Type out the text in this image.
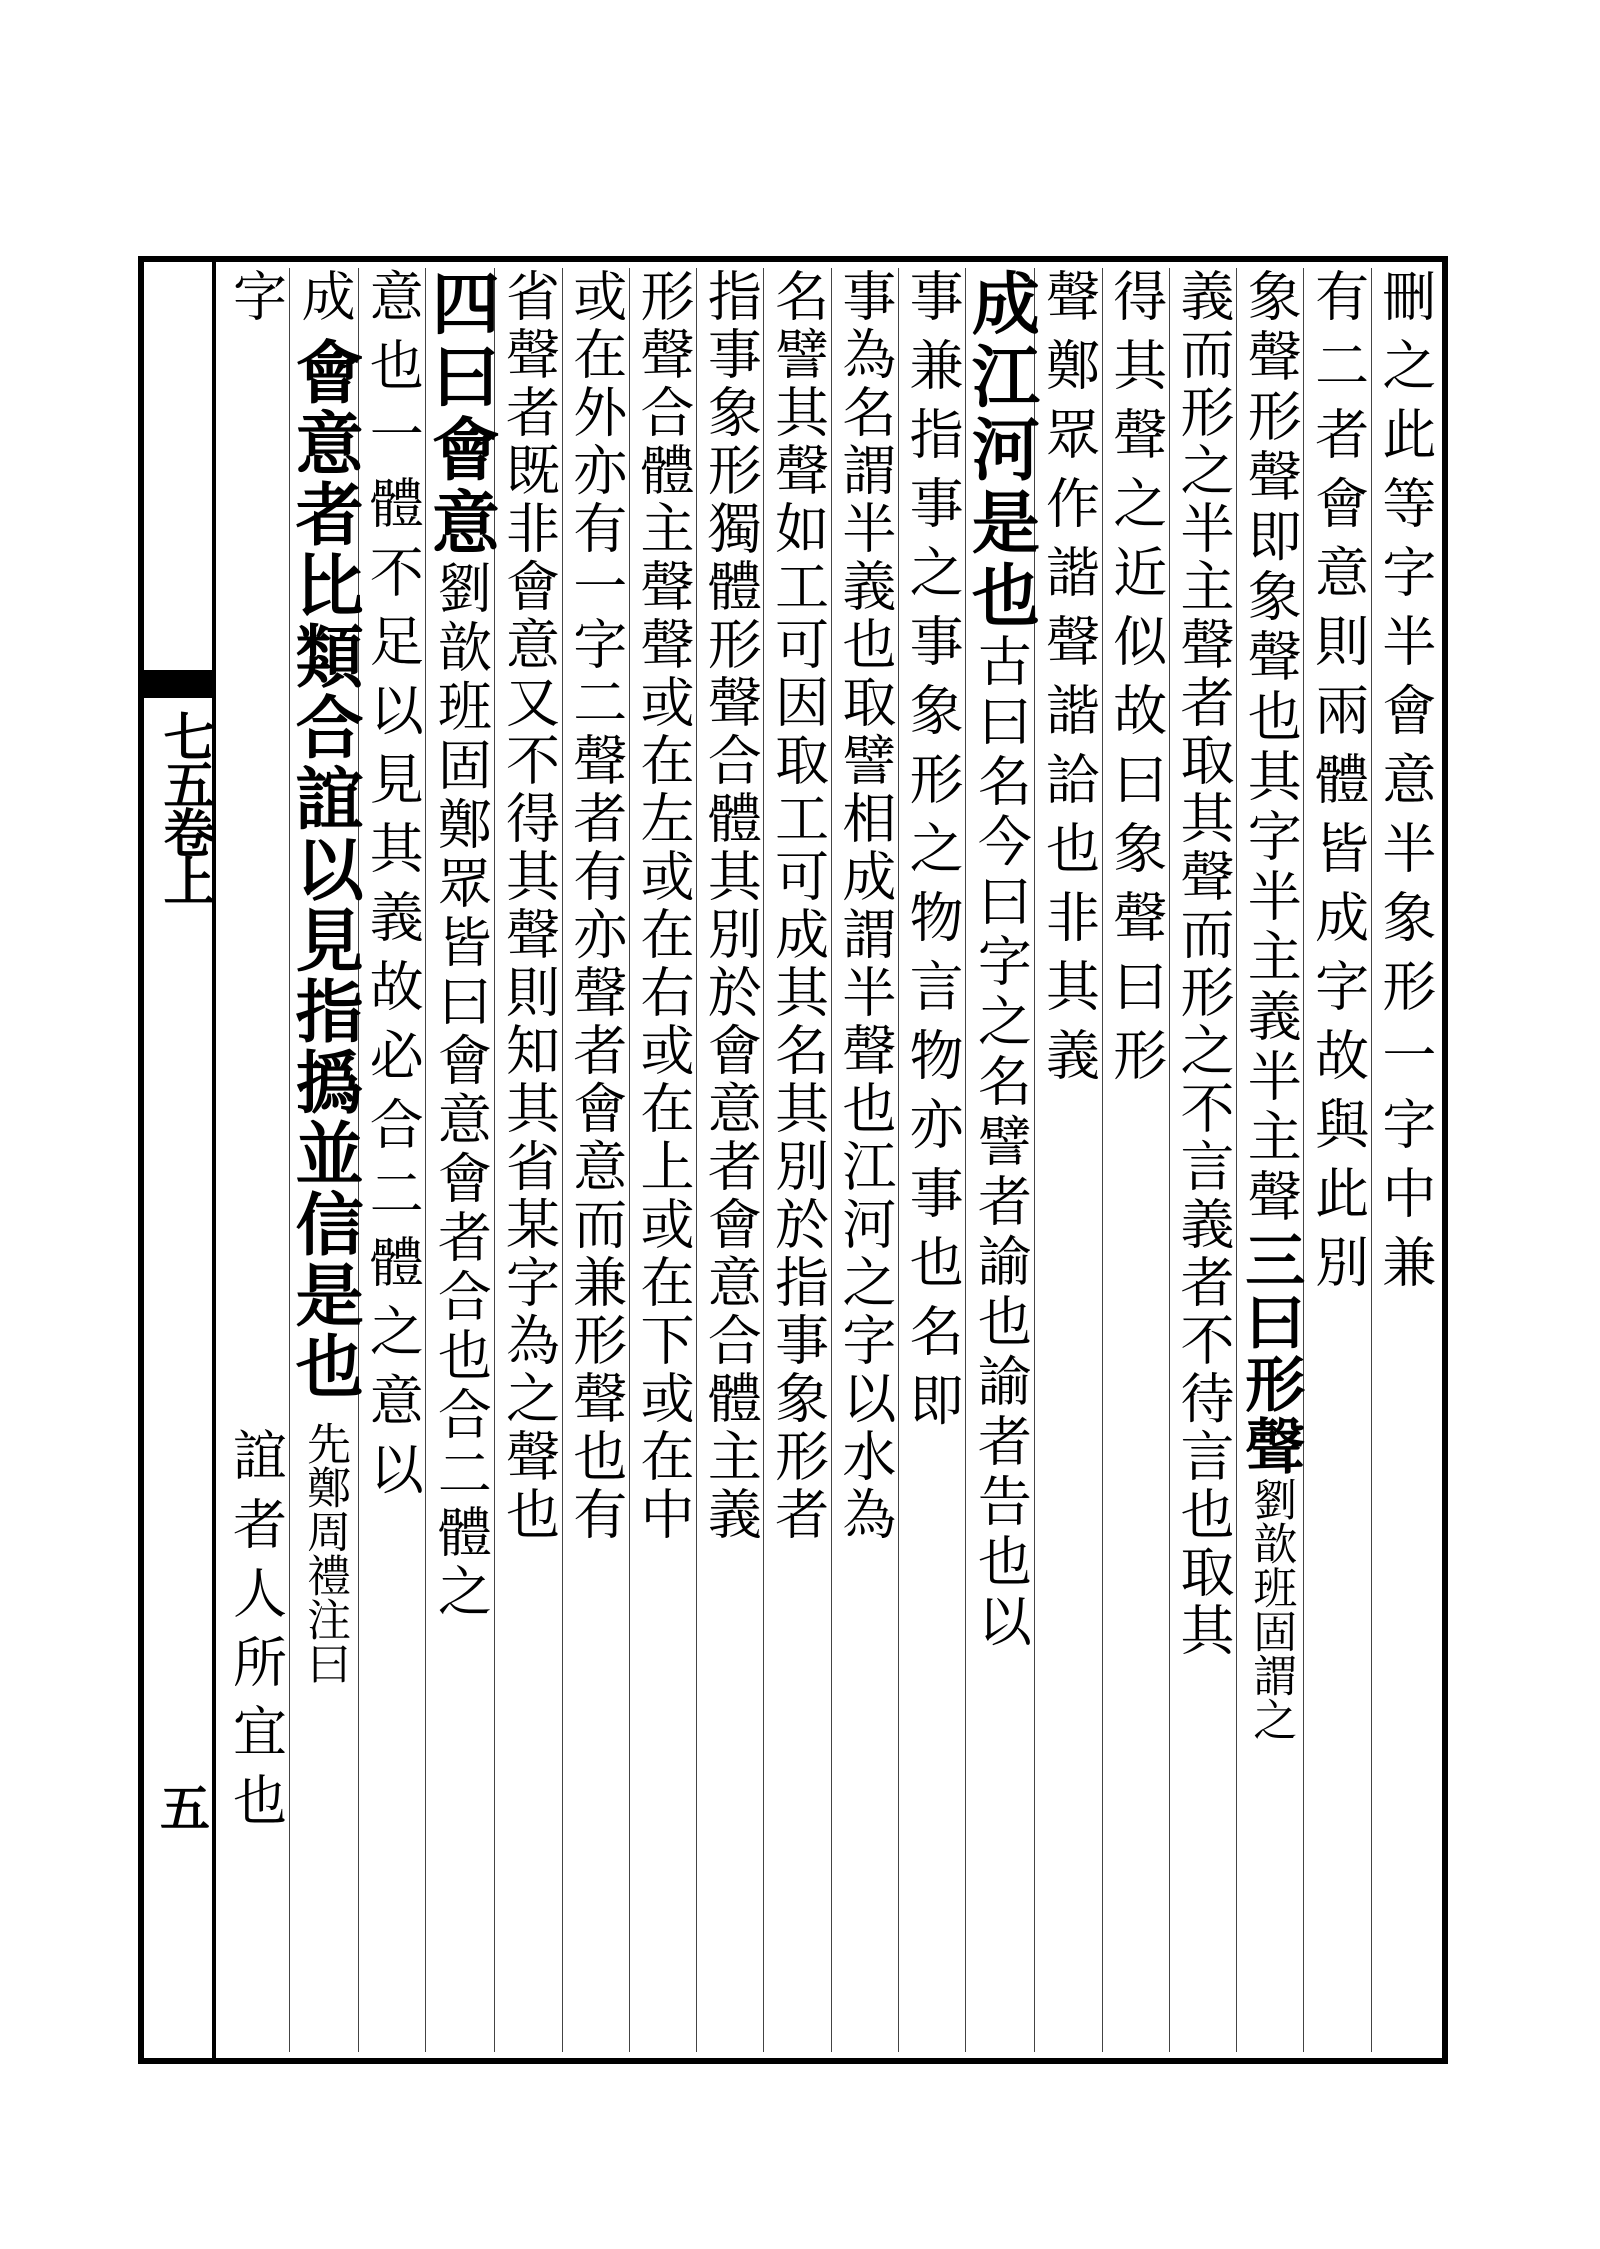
七五卷上
五
刪之此等字半會意半象形一字中兼
有二者會意則兩體皆成字故與此別
象聲形聲即象聲也其字半主義半主聲 三曰形聲劉歆班固謂之
義而形之半主聲者取其聲而形之不言義者不待言也取其
得其聲之近似故曰象聲曰形
聲鄭眾作諧聲諧詥也非其義
成江河是也古曰名今曰字之名譬者諭也諭者告也以
事兼指事之事象形之物言物亦事也名即
事為名謂半義也取譬相成謂半聲也江河之字以水為
名譬其聲如工可因取工可成其名其別於指事象形者
指事象形獨體形聲合體其別於會意者會意合體主義
形聲合體主聲聲或在左或在右或在上或在下或在中
或在外亦有一字二聲者有亦聲者會意而兼形聲也有
省聲者既非會意又不得其聲則知其省某字為之聲也
四曰會意劉歆班固鄭眾皆曰會意會者合也合二體之
意也一體不足以見其義故必合二體之意以
成會意者比類合誼以見指撝並信是也 先鄭周禮注曰
字誼者人所宜也
